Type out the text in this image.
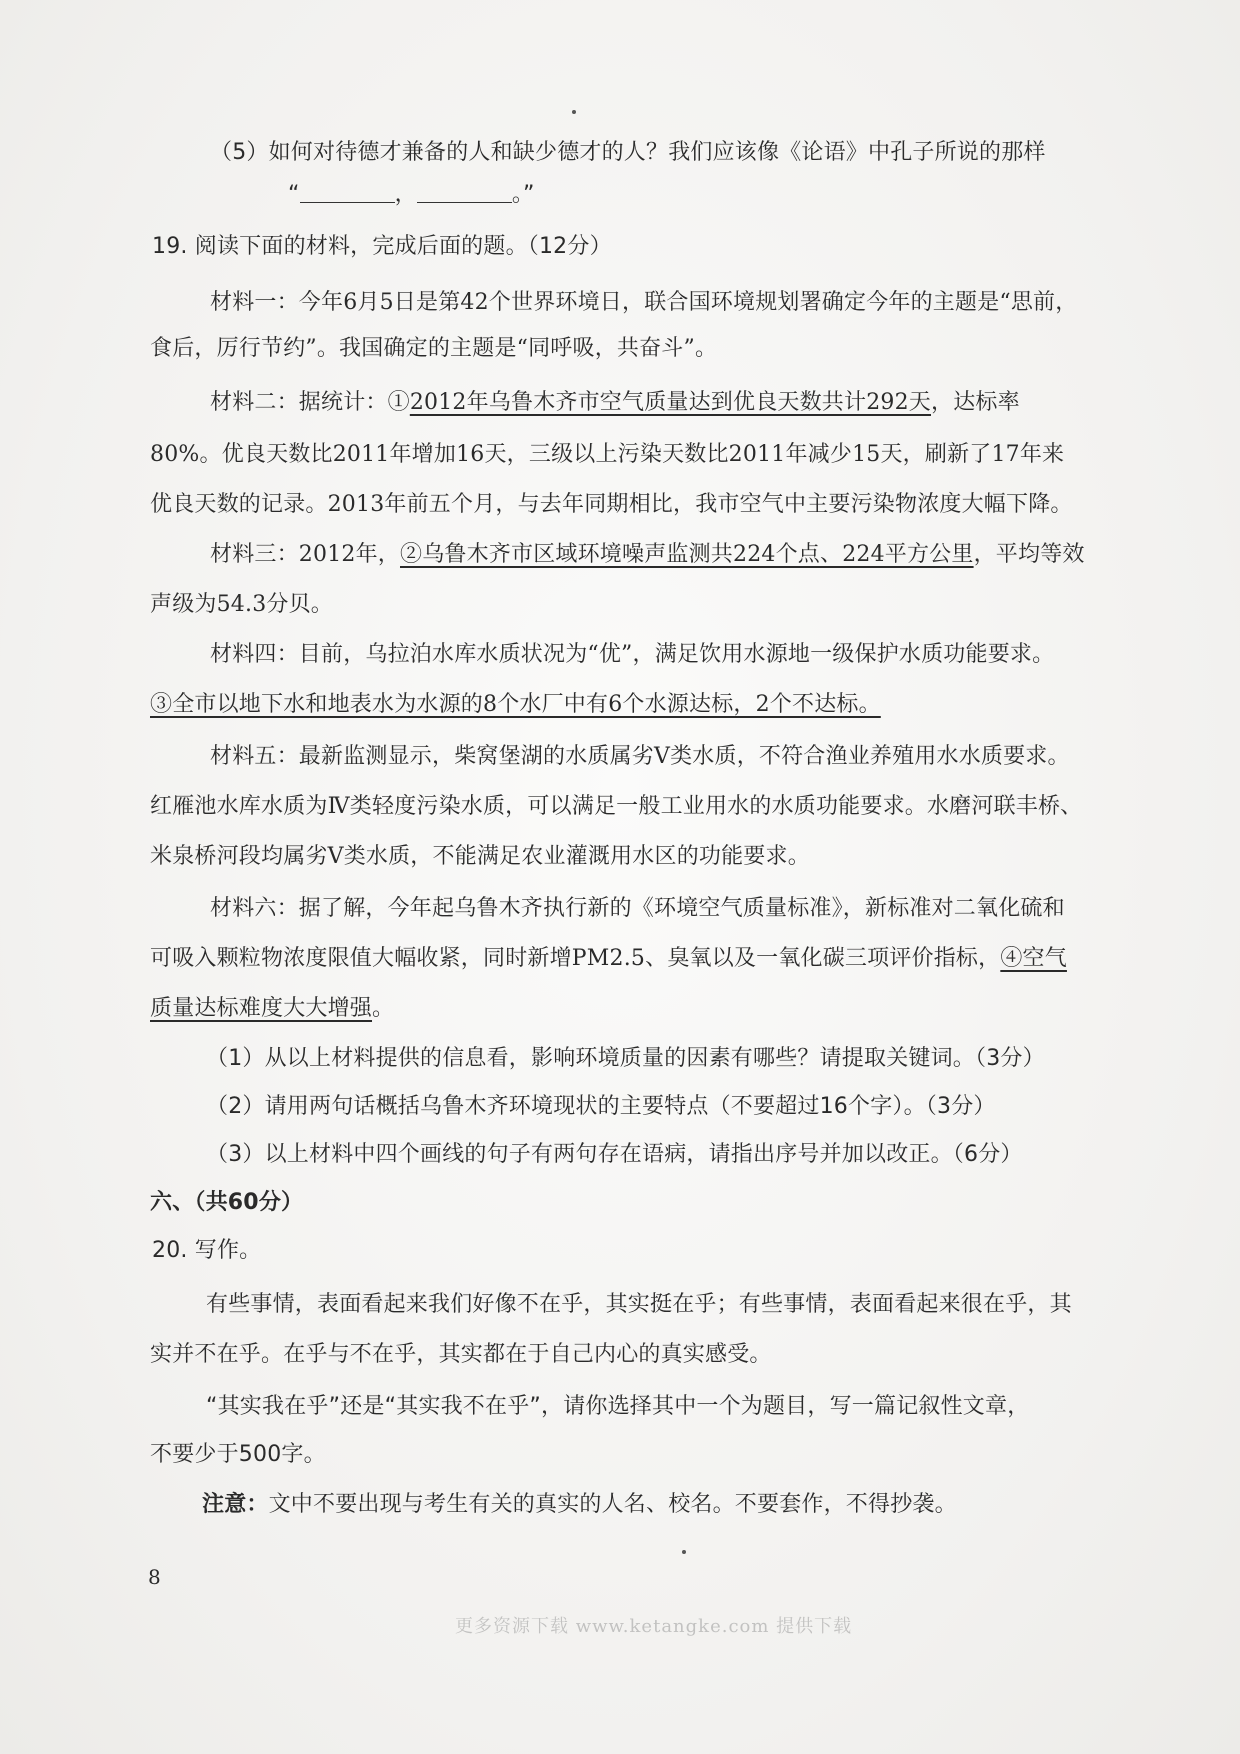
（5）如何对待德才兼备的人和缺少德才的人？我们应该像《论语》中孔子所说的那样
“	，	。”
19. 阅读下面的材料，完成后面的题。（12分）
材料一：今年6月5日是第42个世界环境日，联合国环境规划署确定今年的主题是“思前，
食后，厉行节约”。我国确定的主题是“同呼吸，共奋斗”。
材料二：据统计：①2012年乌鲁木齐市空气质量达到优良天数共计292天，达标率
80%。优良天数比2011年增加16天，三级以上污染天数比2011年减少15天，刷新了17年来
优良天数的记录。2013年前五个月，与去年同期相比，我市空气中主要污染物浓度大幅下降。
材料三：2012年，②乌鲁木齐市区域环境噪声监测共224个点、224平方公里，平均等效
声级为54.3分贝。
材料四：目前，乌拉泊水库水质状况为“优”，满足饮用水源地一级保护水质功能要求。
③全市以地下水和地表水为水源的8个水厂中有6个水源达标，2个不达标。
材料五：最新监测显示，柴窝堡湖的水质属劣Ⅴ类水质，不符合渔业养殖用水水质要求。
红雁池水库水质为Ⅳ类轻度污染水质，可以满足一般工业用水的水质功能要求。水磨河联丰桥、
米泉桥河段均属劣Ⅴ类水质，不能满足农业灌溉用水区的功能要求。
材料六：据了解，今年起乌鲁木齐执行新的《环境空气质量标准》，新标准对二氧化硫和
可吸入颗粒物浓度限值大幅收紧，同时新增PM2.5、臭氧以及一氧化碳三项评价指标，④空气
质量达标难度大大增强。
（1）从以上材料提供的信息看，影响环境质量的因素有哪些？请提取关键词。（3分）
（2）请用两句话概括乌鲁木齐环境现状的主要特点（不要超过16个字）。（3分）
（3）以上材料中四个画线的句子有两句存在语病，请指出序号并加以改正。（6分）
六、（共60分）
20. 写作。
有些事情，表面看起来我们好像不在乎，其实挺在乎；有些事情，表面看起来很在乎，其
实并不在乎。在乎与不在乎，其实都在于自己内心的真实感受。
“其实我在乎”还是“其实我不在乎”，请你选择其中一个为题目，写一篇记叙性文章，
不要少于500字。
注意：文中不要出现与考生有关的真实的人名、校名。不要套作，不得抄袭。
8
更多资源下载 www.ketangke.com 提供下载
